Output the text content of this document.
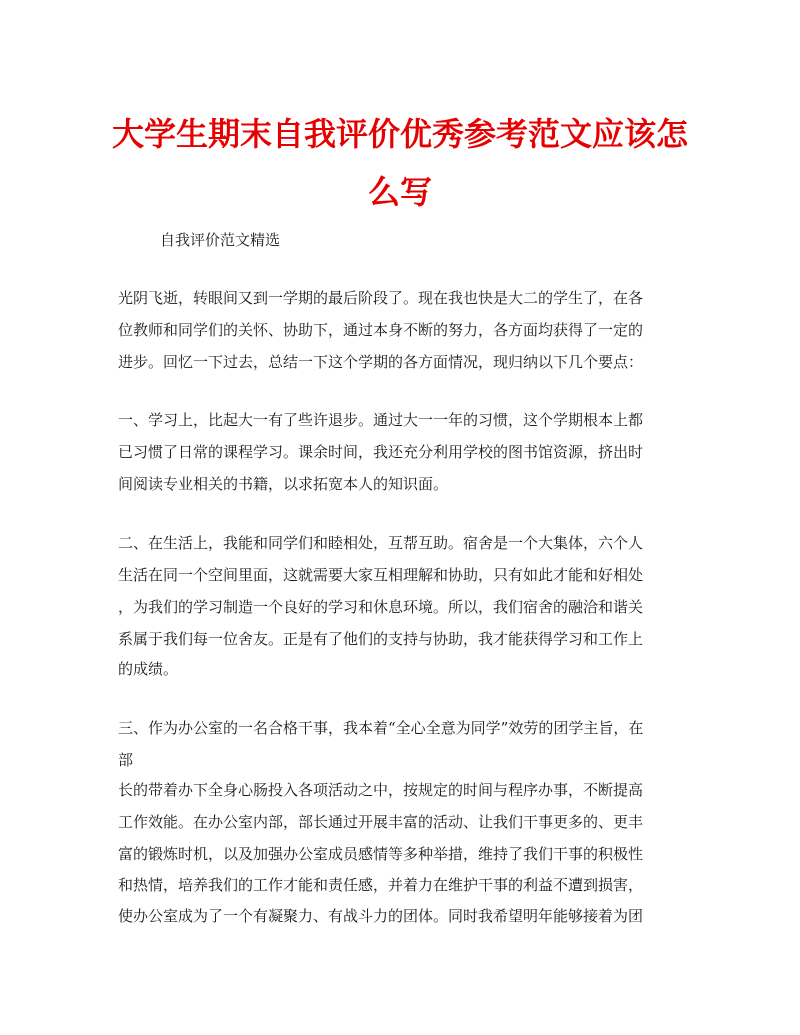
大学生期末自我评价优秀参考范文应该怎
么写
自我评价范文精选
光阴飞逝，转眼间又到一学期的最后阶段了。现在我也快是大二的学生了，在各
位教师和同学们的关怀、协助下，通过本身不断的努力，各方面均获得了一定的
进步。回忆一下过去，总结一下这个学期的各方面情况，现归纳以下几个要点：
一、学习上，比起大一有了些许退步。通过大一一年的习惯，这个学期根本上都
已习惯了日常的课程学习。课余时间，我还充分利用学校的图书馆资源，挤出时
间阅读专业相关的书籍，以求拓宽本人的知识面。
二、在生活上，我能和同学们和睦相处，互帮互助。宿舍是一个大集体，六个人
生活在同一个空间里面，这就需要大家互相理解和协助，只有如此才能和好相处
，为我们的学习制造一个良好的学习和休息环境。所以，我们宿舍的融洽和谐关
系属于我们每一位舍友。正是有了他们的支持与协助，我才能获得学习和工作上
的成绩。
三、作为办公室的一名合格干事，我本着“全心全意为同学”效劳的团学主旨，在
部
长的带着办下全身心肠投入各项活动之中，按规定的时间与程序办事，不断提高
工作效能。在办公室内部，部长通过开展丰富的活动、让我们干事更多的、更丰
富的锻炼时机，以及加强办公室成员感情等多种举措，维持了我们干事的积极性
和热情，培养我们的工作才能和责任感，并着力在维护干事的利益不遭到损害，
使办公室成为了一个有凝聚力、有战斗力的团体。同时我希望明年能够接着为团
